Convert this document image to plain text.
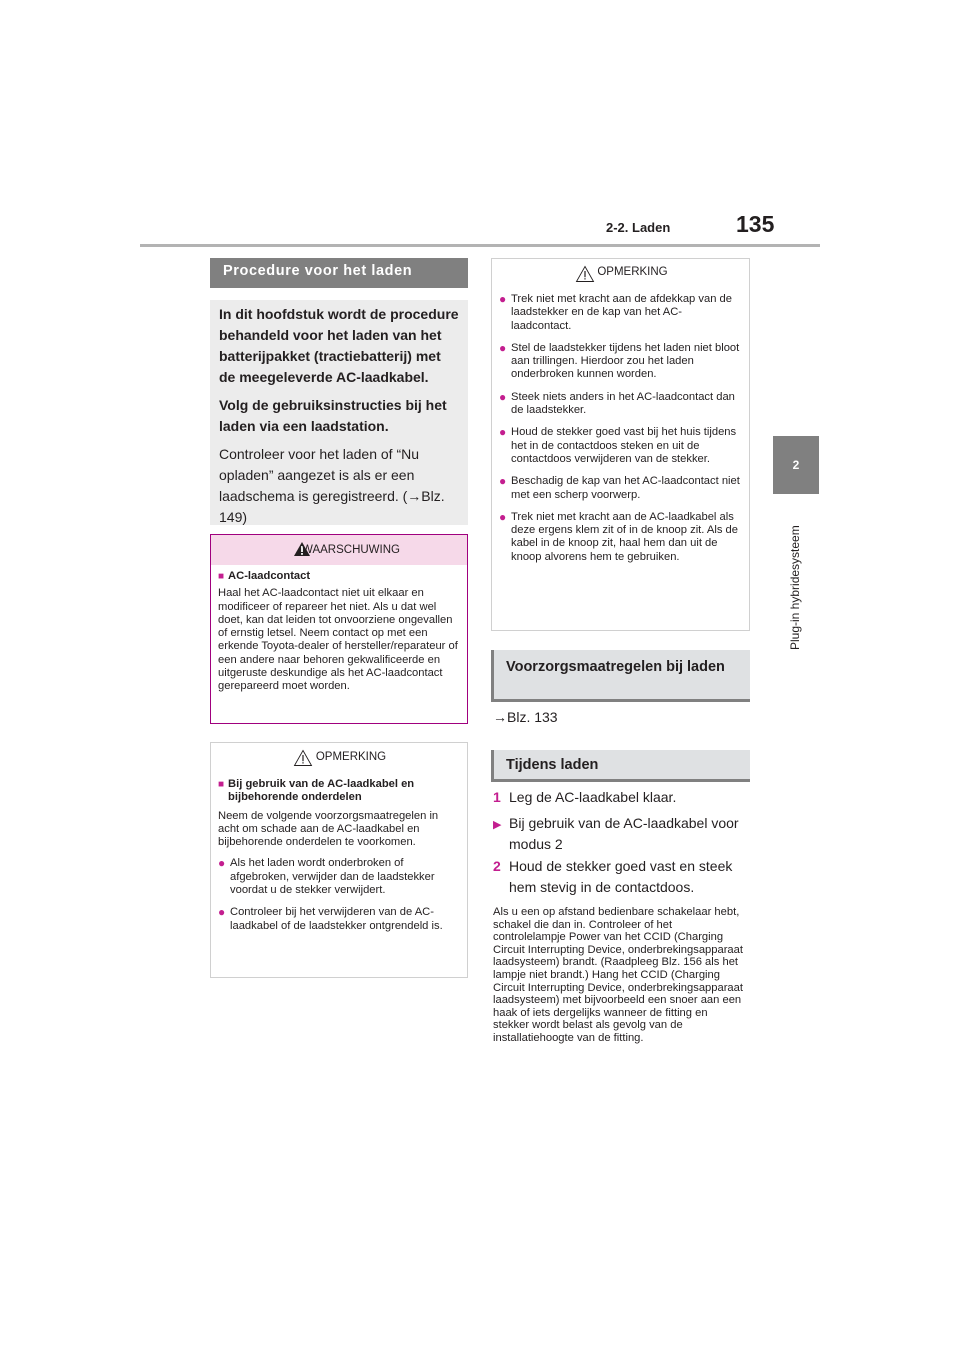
2-2. Laden	135
2
Plug-in hybridesysteem
Procedure voor het laden

In dit hoofdstuk wordt de procedure behandeld voor het laden van het batterijpakket (tractiebatterij) met de meegeleverde AC-laadkabel.

Volg de gebruiksinstructies bij het laden via een laadstation.

Controleer voor het laden of “Nu opladen” aangezet is als er een laadschema is geregistreerd. (→Blz. 149)

WAARSCHUWING
■ AC-laadcontact

Haal het AC-laadcontact niet uit elkaar en modificeer of repareer het niet. Als u dat wel doet, kan dat leiden tot onvoorziene ongevallen of ernstig letsel. Neem contact op met een erkende Toyota-dealer of hersteller/reparateur of een andere naar behoren gekwalificeerde en uitgeruste deskundige als het AC-laadcontact gerepareerd moet worden.

OPMERKING
■ Bij gebruik van de AC-laadkabel en bijbehorende onderdelen

Neem de volgende voorzorgsmaatregelen in acht om schade aan de AC-laadkabel en bijbehorende onderdelen te voorkomen.

● Als het laden wordt onderbroken of afgebroken, verwijder dan de laadstekker voordat u de stekker verwijdert.
● Controleer bij het verwijderen van de AC-laadkabel of de laadstekker ontgrendeld is.
OPMERKING
● Trek niet met kracht aan de afdekkap van de laadstekker en de kap van het AC-laadcontact.
● Stel de laadstekker tijdens het laden niet bloot aan trillingen. Hierdoor zou het laden onderbroken kunnen worden.
● Steek niets anders in het AC-laadcontact dan de laadstekker.
● Houd de stekker goed vast bij het huis tijdens het in de contactdoos steken en uit de contactdoos verwijderen van de stekker.
● Beschadig de kap van het AC-laadcontact niet met een scherp voorwerp.
● Trek niet met kracht aan de AC-laadkabel als deze ergens klem zit of in de knoop zit. Als de kabel in de knoop zit, haal hem dan uit de knoop alvorens hem te gebruiken.
Voorzorgsmaatregelen bij laden
→Blz. 133
Tijdens laden
1 Leg de AC-laadkabel klaar.
▶ Bij gebruik van de AC-laadkabel voor modus 2
2 Houd de stekker goed vast en steek hem stevig in de contactdoos.
Als u een op afstand bedienbare schakelaar hebt, schakel die dan in. Controleer of het controlelampje Power van het CCID (Charging Circuit Interrupting Device, onderbrekingsapparaat laadsysteem) brandt. (Raadpleeg Blz. 156 als het lampje niet brandt.) Hang het CCID (Charging Circuit Interrupting Device, onderbrekingsapparaat laadsysteem) met bijvoorbeeld een snoer aan een haak of iets dergelijks wanneer de fitting en stekker wordt belast als gevolg van de installatiehoogte van de fitting.
